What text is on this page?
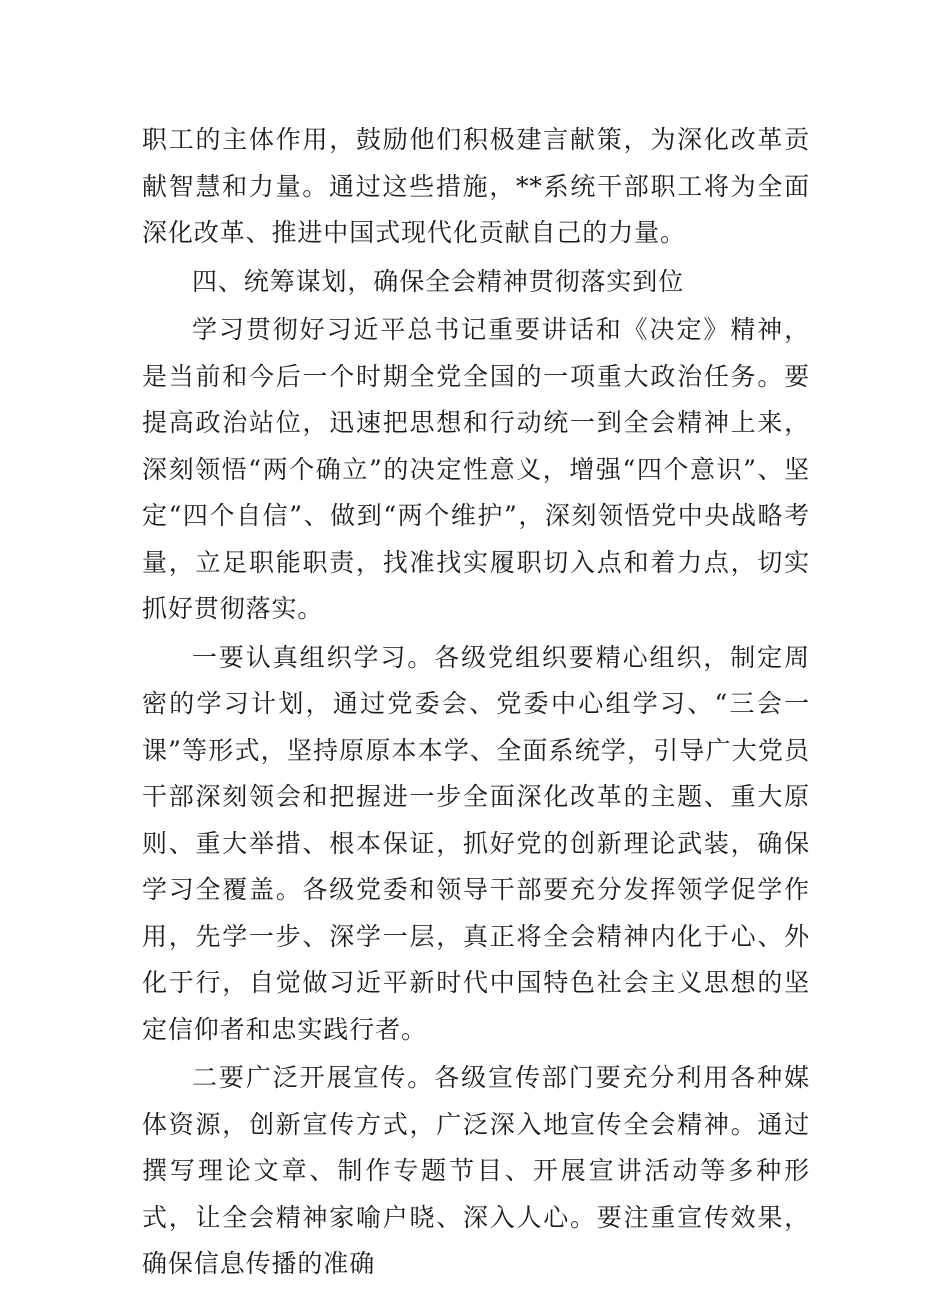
职工的主体作用，鼓励他们积极建言献策，为深化改革贡献智慧和力量。通过这些措施，**系统干部职工将为全面深化改革、推进中国式现代化贡献自己的力量。

四、统筹谋划，确保全会精神贯彻落实到位

学习贯彻好习近平总书记重要讲话和《决定》精神，是当前和今后一个时期全党全国的一项重大政治任务。要提高政治站位，迅速把思想和行动统一到全会精神上来，深刻领悟“两个确立”的决定性意义，增强“四个意识”、坚定“四个自信”、做到“两个维护”，深刻领悟党中央战略考量，立足职能职责，找准找实履职切入点和着力点，切实抓好贯彻落实。

一要认真组织学习。各级党组织要精心组织，制定周密的学习计划，通过党委会、党委中心组学习、“三会一课”等形式，坚持原原本本学、全面系统学，引导广大党员干部深刻领会和把握进一步全面深化改革的主题、重大原则、重大举措、根本保证，抓好党的创新理论武装，确保学习全覆盖。各级党委和领导干部要充分发挥领学促学作用，先学一步、深学一层，真正将全会精神内化于心、外化于行，自觉做习近平新时代中国特色社会主义思想的坚定信仰者和忠实践行者。

二要广泛开展宣传。各级宣传部门要充分利用各种媒体资源，创新宣传方式，广泛深入地宣传全会精神。通过撰写理论文章、制作专题节目、开展宣讲活动等多种形式，让全会精神家喻户晓、深入人心。要注重宣传效果，确保信息传播的准确
